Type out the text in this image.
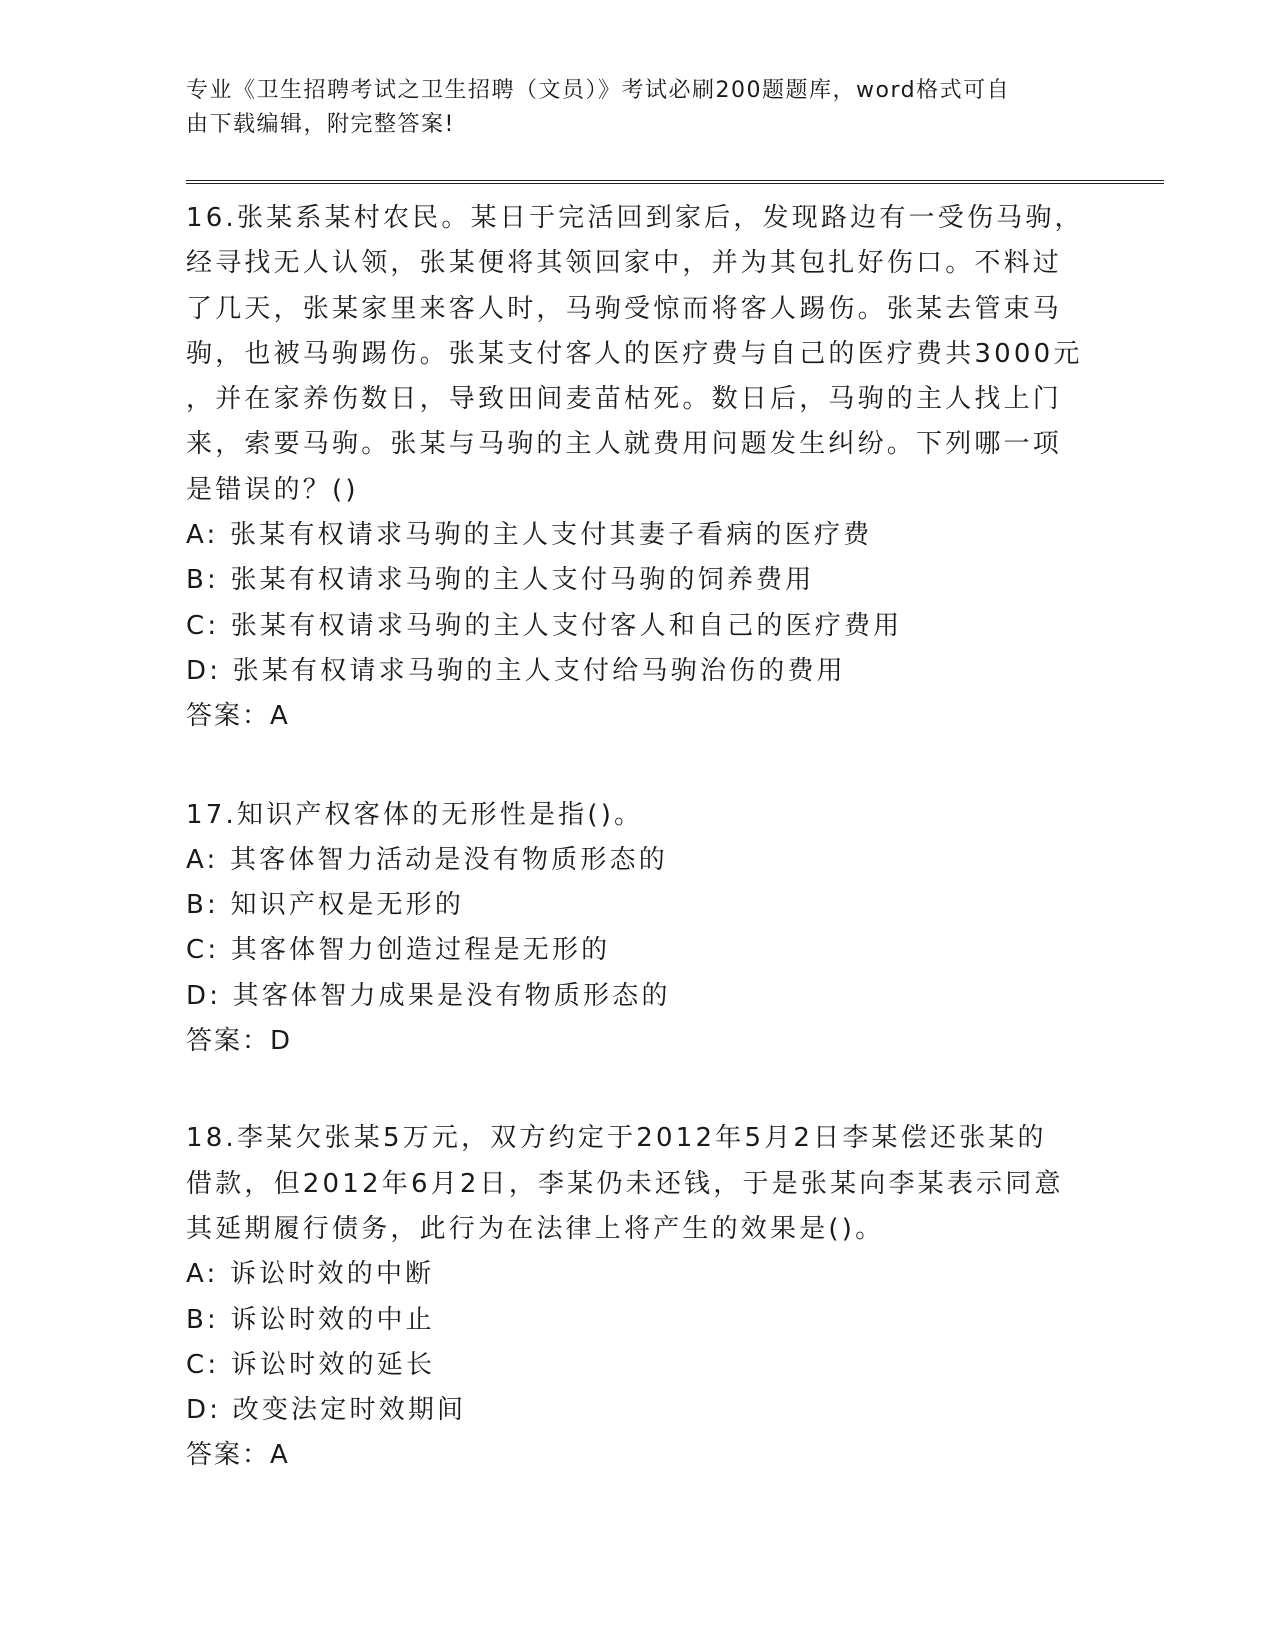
专业《卫生招聘考试之卫生招聘（文员）》考试必刷200题题库，word格式可自
由下载编辑，附完整答案!
16.张某系某村农民。某日于完活回到家后，发现路边有一受伤马驹，
经寻找无人认领，张某便将其领回家中，并为其包扎好伤口。不料过
了几天，张某家里来客人时，马驹受惊而将客人踢伤。张某去管束马
驹，也被马驹踢伤。张某支付客人的医疗费与自己的医疗费共3000元
，并在家养伤数日，导致田间麦苗枯死。数日后，马驹的主人找上门
来，索要马驹。张某与马驹的主人就费用问题发生纠纷。下列哪一项
是错误的？()
A: 张某有权请求马驹的主人支付其妻子看病的医疗费
B: 张某有权请求马驹的主人支付马驹的饲养费用
C: 张某有权请求马驹的主人支付客人和自己的医疗费用
D: 张某有权请求马驹的主人支付给马驹治伤的费用
答案：A
17.知识产权客体的无形性是指()。
A: 其客体智力活动是没有物质形态的
B: 知识产权是无形的
C: 其客体智力创造过程是无形的
D: 其客体智力成果是没有物质形态的
答案：D
18.李某欠张某5万元，双方约定于2012年5月2日李某偿还张某的
借款，但2012年6月2日，李某仍未还钱，于是张某向李某表示同意
其延期履行债务，此行为在法律上将产生的效果是()。
A: 诉讼时效的中断
B: 诉讼时效的中止
C: 诉讼时效的延长
D: 改变法定时效期间
答案：A
